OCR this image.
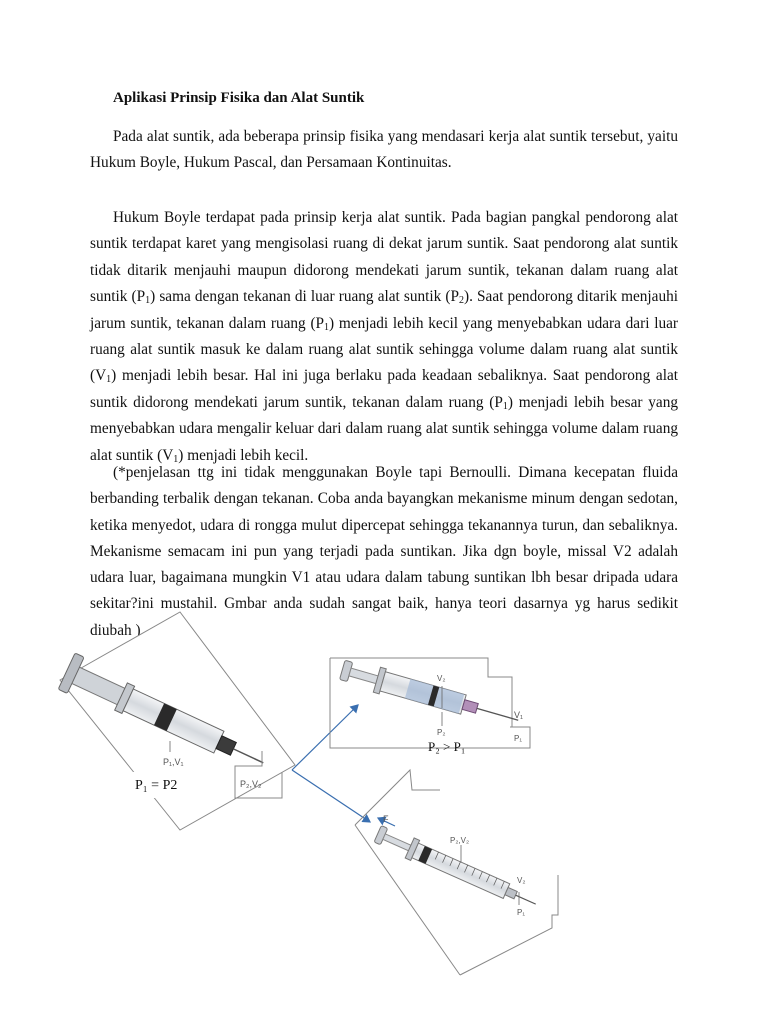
Aplikasi Prinsip Fisika dan Alat Suntik

Pada alat suntik, ada beberapa prinsip fisika yang mendasari kerja alat suntik tersebut, yaitu Hukum Boyle, Hukum Pascal, dan Persamaan Kontinuitas.

Hukum Boyle terdapat pada prinsip kerja alat suntik. Pada bagian pangkal pendorong alat suntik terdapat karet yang mengisolasi ruang di dekat jarum suntik. Saat pendorong alat suntik tidak ditarik menjauhi maupun didorong mendekati jarum suntik, tekanan dalam ruang alat suntik $(P_1)$ sama dengan tekanan di luar ruang alat suntik $(P_2)$. Saat pendorong ditarik menjauhi jarum suntik, tekanan dalam ruang $(P_1)$ menjadi lebih kecil yang menyebabkan udara dari luar ruang alat suntik masuk ke dalam ruang alat suntik sehingga volume dalam ruang alat suntik $(V_1)$ menjadi lebih besar. Hal ini juga berlaku pada keadaan sebaliknya. Saat pendorong alat suntik didorong mendekati jarum suntik, tekanan dalam ruang $(P_1)$ menjadi lebih besar yang menyebabkan udara mengalir keluar dari dalam ruang alat suntik sehingga volume dalam ruang alat suntik $(V_1)$ menjadi lebih kecil.

(*penjelasan ttg ini tidak menggunakan Boyle tapi Bernoulli. Dimana kecepatan fluida berbanding terbalik dengan tekanan. Coba anda bayangkan mekanisme minum dengan sedotan, ketika menyedot, udara di rongga mulut dipercepat sehingga tekanannya turun, dan sebaliknya. Mekanisme semacam ini pun yang terjadi pada suntikan. Jika dgn boyle, missal V2 adalah udara luar, bagaimana mungkin V1 atau udara dalam tabung suntikan lbh besar dripada udara sekitar?ini mustahil. Gmbar anda sudah sangat baik, hanya teori dasarnya yg harus sedikit diubah )

P₁,V₁
P₂,V₂
P₁ = P2
V₂
P₂
V₁
P₁
P₂ > P₁
F
P₂,V₂
V₂
P₁
